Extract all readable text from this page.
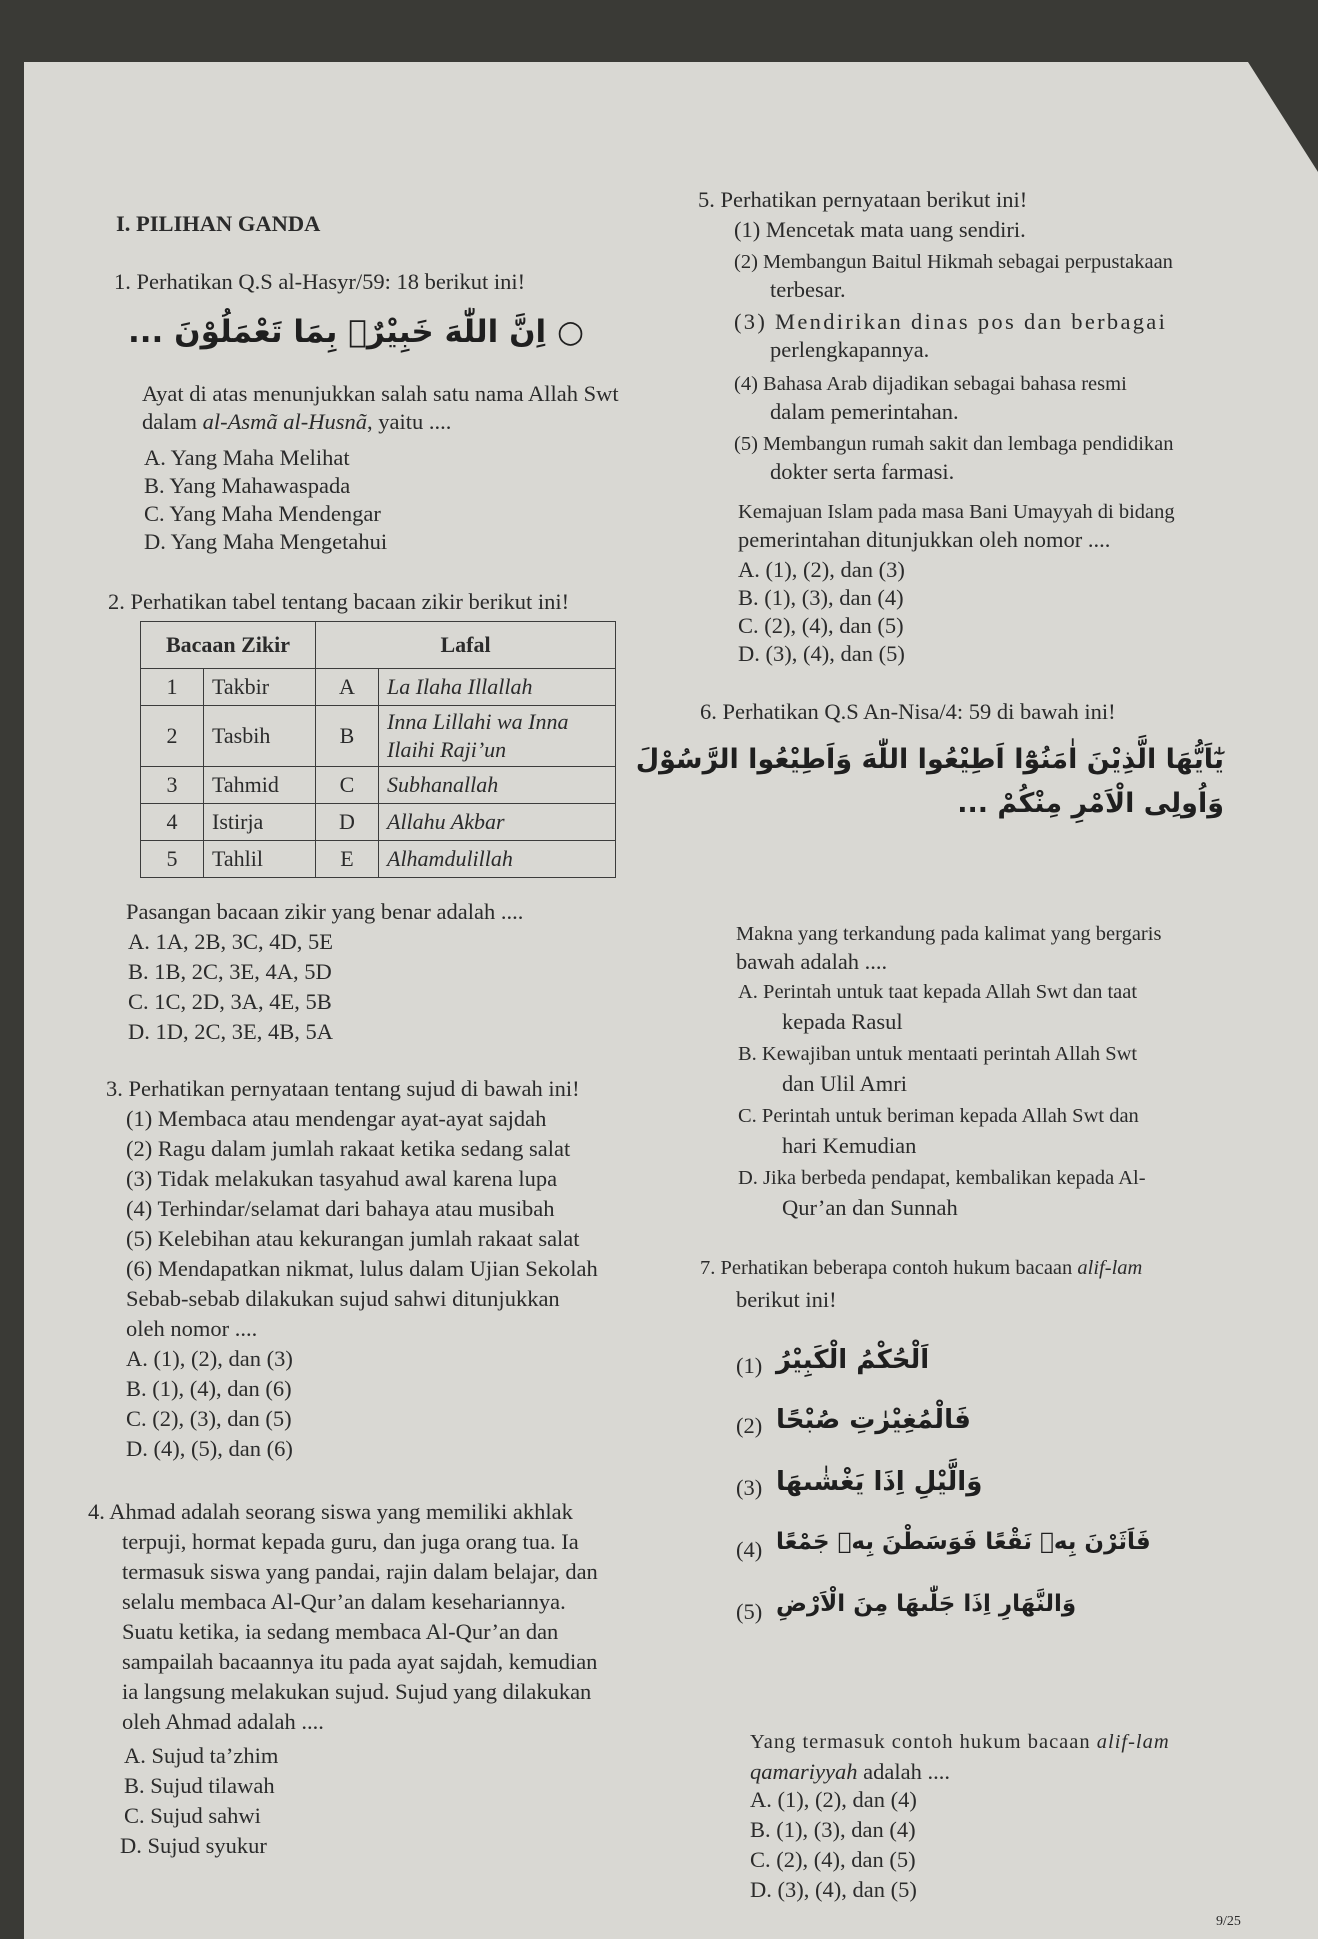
I. PILIHAN GANDA
1. Perhatikan Q.S al-Hasyr/59: 18 berikut ini!
○ اِنَّ اللّٰهَ خَبِيْرٌۢ بِمَا تَعْمَلُوْنَ ...
Ayat di atas menunjukkan salah satu nama Allah Swt
dalam al-Asmã al-Husnã, yaitu ....
A. Yang Maha Melihat
B. Yang Mahawaspada
C. Yang Maha Mendengar
D. Yang Maha Mengetahui
2. Perhatikan tabel tentang bacaan zikir berikut ini!
Pasangan bacaan zikir yang benar adalah ....
A. 1A, 2B, 3C, 4D, 5E
B. 1B, 2C, 3E, 4A, 5D
C. 1C, 2D, 3A, 4E, 5B
D. 1D, 2C, 3E, 4B, 5A
3. Perhatikan pernyataan tentang sujud di bawah ini!
(1) Membaca atau mendengar ayat-ayat sajdah
(2) Ragu dalam jumlah rakaat ketika sedang salat
(3) Tidak melakukan tasyahud awal karena lupa
(4) Terhindar/selamat dari bahaya atau musibah
(5) Kelebihan atau kekurangan jumlah rakaat salat
(6) Mendapatkan nikmat, lulus dalam Ujian Sekolah
Sebab-sebab dilakukan sujud sahwi ditunjukkan
oleh nomor ....
A. (1), (2), dan (3)
B. (1), (4), dan (6)
C. (2), (3), dan (5)
D. (4), (5), dan (6)
4. Ahmad adalah seorang siswa yang memiliki akhlak
terpuji, hormat kepada guru, dan juga orang tua. Ia
termasuk siswa yang pandai, rajin dalam belajar, dan
selalu membaca Al-Qur’an dalam kesehariannya.
Suatu ketika, ia sedang membaca Al-Qur’an dan
sampailah bacaannya itu pada ayat sajdah, kemudian
ia langsung melakukan sujud. Sujud yang dilakukan
oleh Ahmad adalah ....
A. Sujud ta’zhim
B. Sujud tilawah
C. Sujud sahwi
D. Sujud syukur
5. Perhatikan pernyataan berikut ini!
(1) Mencetak mata uang sendiri.
(2) Membangun Baitul Hikmah sebagai perpustakaan
terbesar.
(3) Mendirikan dinas pos dan berbagai
perlengkapannya.
(4) Bahasa Arab dijadikan sebagai bahasa resmi
dalam pemerintahan.
(5) Membangun rumah sakit dan lembaga pendidikan
dokter serta farmasi.
Kemajuan Islam pada masa Bani Umayyah di bidang
pemerintahan ditunjukkan oleh nomor ....
A. (1), (2), dan (3)
B. (1), (3), dan (4)
C. (2), (4), dan (5)
D. (3), (4), dan (5)
6. Perhatikan Q.S An-Nisa/4: 59 di bawah ini!
يٰٓاَيُّهَا الَّذِيْنَ اٰمَنُوْٓا اَطِيْعُوا اللّٰهَ وَاَطِيْعُوا الرَّسُوْلَ
وَاُولِى الْاَمْرِ مِنْكُمْ ...
Makna yang terkandung pada kalimat yang bergaris
bawah adalah ....
A. Perintah untuk taat kepada Allah Swt dan taat
kepada Rasul
B. Kewajiban untuk mentaati perintah Allah Swt
dan Ulil Amri
C. Perintah untuk beriman kepada Allah Swt dan
hari Kemudian
D. Jika berbeda pendapat, kembalikan kepada Al-
Qur’an dan Sunnah
7. Perhatikan beberapa contoh hukum bacaan alif-lam
berikut ini!
(1) اَلْحُكْمُ الْكَبِيْرُ
(2) فَالْمُغِيْرٰتِ صُبْحًا
(3) وَالَّيْلِ اِذَا يَغْشٰىهَا
(4) فَاَثَرْنَ بِهٖ نَقْعًا فَوَسَطْنَ بِهٖ جَمْعًا
(5) وَالنَّهَارِ اِذَا جَلّٰىهَا مِنَ الْاَرْضِ
Yang termasuk contoh hukum bacaan alif-lam
qamariyyah adalah ....
A. (1), (2), dan (4)
B. (1), (3), dan (4)
C. (2), (4), dan (5)
D. (3), (4), dan (5)
9/25
Bacaan Zikir		Lafal	
1	Takbir	A	La Ilaha Illallah
2	Tasbih	B	Inna Lillahi wa Inna Ilaihi Raji’un
3	Tahmid	C	Subhanallah
4	Istirja	D	Allahu Akbar
5	Tahlil	E	Alhamdulillah
